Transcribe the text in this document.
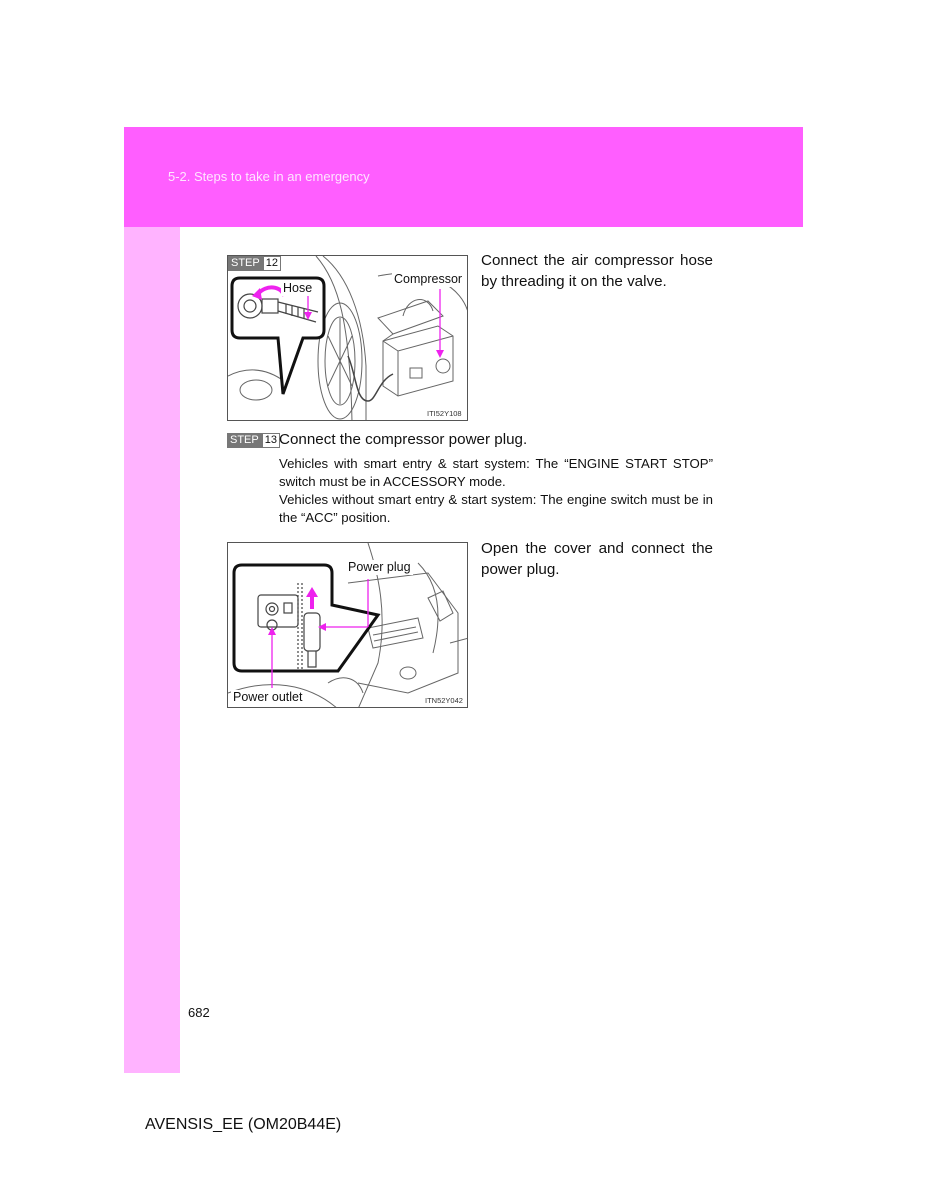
5-2. Steps to take in an emergency
STEP 12
Hose
Compressor
ITI52Y108
Connect the air compressor hose by threading it on the valve.
STEP 13 Connect the compressor power plug.
Vehicles with smart entry & start system: The “ENGINE START STOP” switch must be in ACCESSORY mode.
Vehicles without smart entry & start system: The engine switch must be in the “ACC” position.
Power plug
Power outlet	ITN52Y042
Open the cover and connect the power plug.
682
AVENSIS_EE (OM20B44E)
